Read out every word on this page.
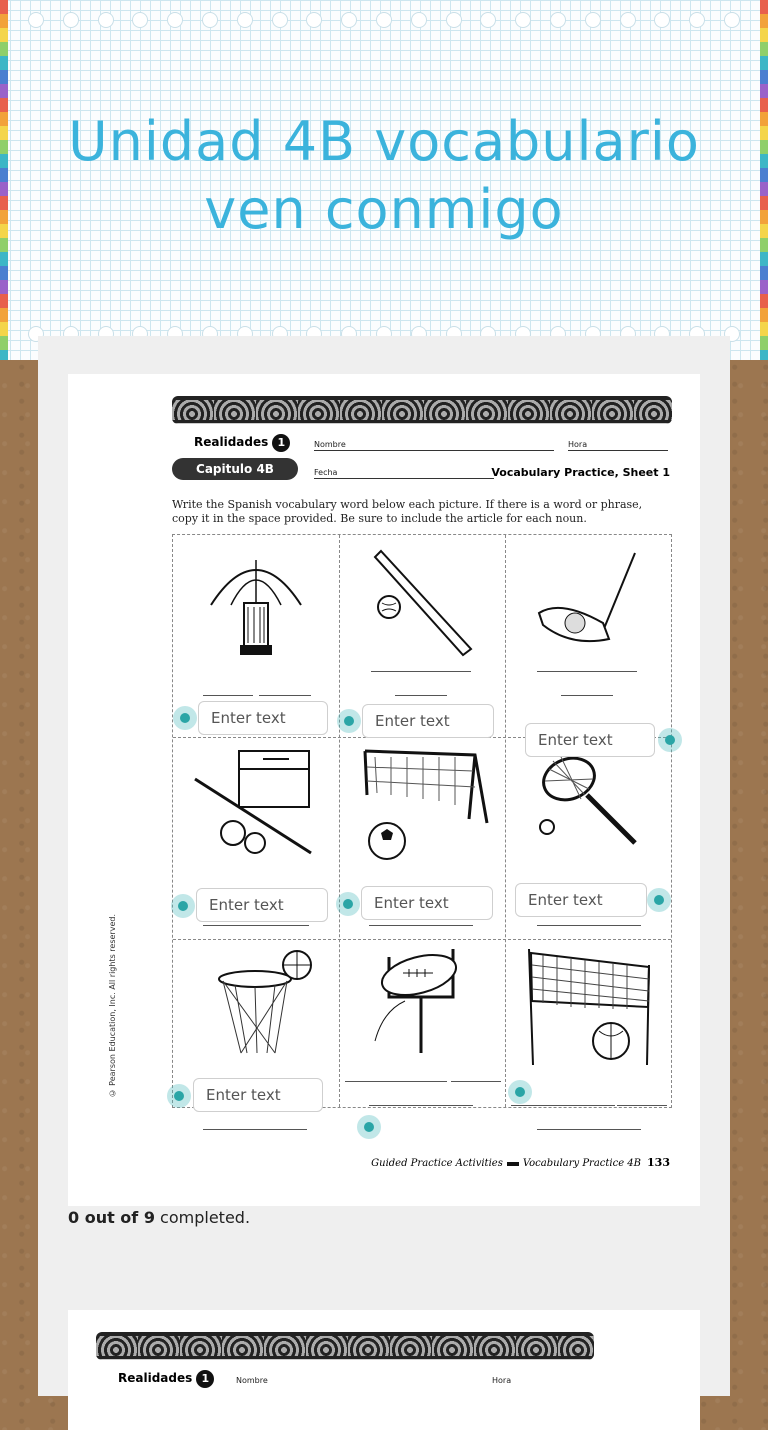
Unidad 4B vocabulario
ven conmigo
Realidades 1	Nombre	Hora
Capitulo 4B	Fecha	Vocabulary Practice, Sheet 1
Write the Spanish vocabulary word below each picture. If there is a word or phrase, copy it in the space provided. Be sure to include the article for each noun.
© Pearson Education, Inc. All rights reserved.
Guided Practice Activities Vocabulary Practice 4B 133
Enter text	Enter text
Enter text
Enter text	Enter text	Enter text
Enter text
0 out of 9 completed.
Realidades 1	Nombre	Hora
